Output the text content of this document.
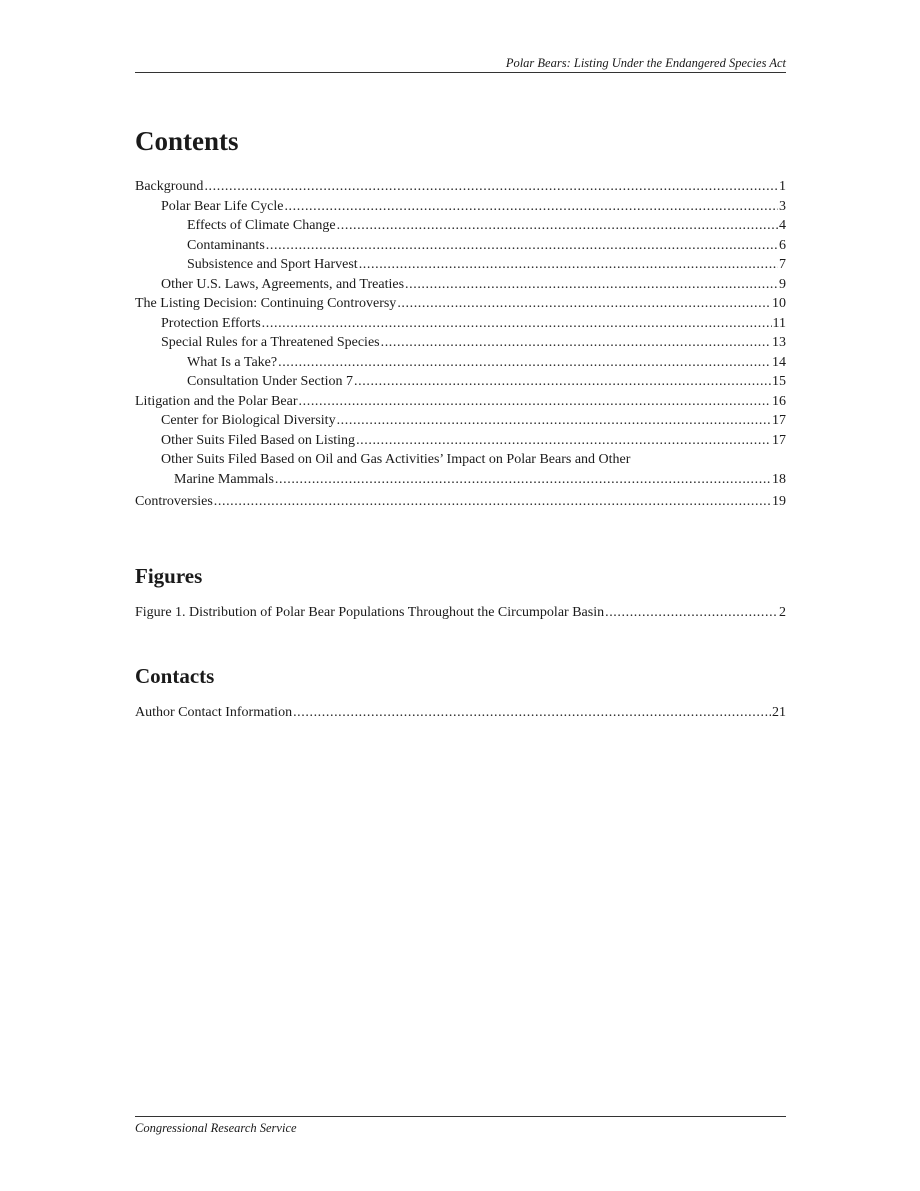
Polar Bears: Listing Under the Endangered Species Act
Contents
Background .....	1
Polar Bear Life Cycle .....	3
Effects of Climate Change .....	4
Contaminants .....	6
Subsistence and Sport Harvest .....	7
Other U.S. Laws, Agreements, and Treaties .....	9
The Listing Decision: Continuing Controversy .....	10
Protection Efforts .....	11
Special Rules for a Threatened Species .....	13
What Is a Take? .....	14
Consultation Under Section 7 .....	15
Litigation and the Polar Bear .....	16
Center for Biological Diversity .....	17
Other Suits Filed Based on Listing .....	17
Other Suits Filed Based on Oil and Gas Activities’ Impact on Polar Bears and Other
Marine Mammals .....	18
Controversies .....	19
Figures
Figure 1. Distribution of Polar Bear Populations Throughout the Circumpolar Basin .....	2
Contacts
Author Contact Information .....	21
Congressional Research Service
